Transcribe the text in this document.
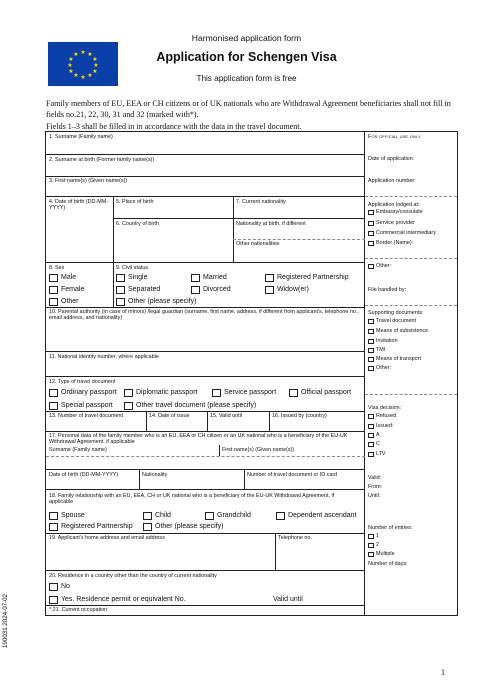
★ ★
★
★
★
★
★
★
★
★
★
★
Harmonised application form
Application for Schengen Visa
This application form is free
Family members of EU, EEA or CH citizens or of UK nationals who are Withdrawal Agreement beneficiaries shall not fill in fields no.21, 22, 30, 31 and 32 (marked with*).
Fields 1–3 shall be filled in in accordance with the data in the travel document.
1. Surname (Family name)
2. Surname at birth (Former family name(s))
3. First name(s) (Given name(s))
4. Date of birth (DD-MM-YYYY)
5. Place of birth
6. Country of birth
7. Current nationality
Nationality at birth, if different
Other nationalities
8. Sex
Male
Female
Other
9. Civil status
Single	Married	Registered Partnership
Separated	Divorced	Widow(er)
Other (please specify)
10. Parental authority (in case of minors) /legal guardian (surname, first name, address, if different from applicant's, telephone no., email address, and nationality)
11. National identity number, where applicable
12. Type of travel document
Ordinary passport	Diplomatic passport	Service passport	Official passport
Special passport	Other travel document (please specify)
13. Number of travel document	14. Date of issue	15. Valid until	16. Issued by (country)
17. Personal data of the family member who is an EU, EEA or CH citizen or an UK national who is a beneficiary of the EU-UK Withdrawal Agreement, if applicable
Surname (Family name)	First name(s) (Given name(s))
Date of birth (DD-MM-YYYY)	Nationality	Number of travel document or ID card
18. Family relationship with an EU, EEA, CH or UK national who is a beneficiary of the EU-UK Withdrawal Agreement, if applicable
Spouse	Child	Grandchild	Dependent ascendant
Registered Partnership	Other (please specify)
19. Applicant's home address and email address	Telephone no.
20. Residence in a country other than the country of current nationality
No
Yes. Residence permit or equivalent No.	Valid until
* 21. Current occupation
For official use only
Date of application:
Application number:
Application lodged at:
Embassy/consulate
Service provider
Commercial intermediary
Border (Name):
Other:
File handled by:
Supporting documents:
Travel document
Means of subsistence
Invitation
TMI
Means of transport
Other:
Visa decision:
Refused
Issued:
A
C
LTV
Valid:
From:
Until:
Number of entries:
1
2
Multiple
Number of days:
190031 2024-07-02
1
